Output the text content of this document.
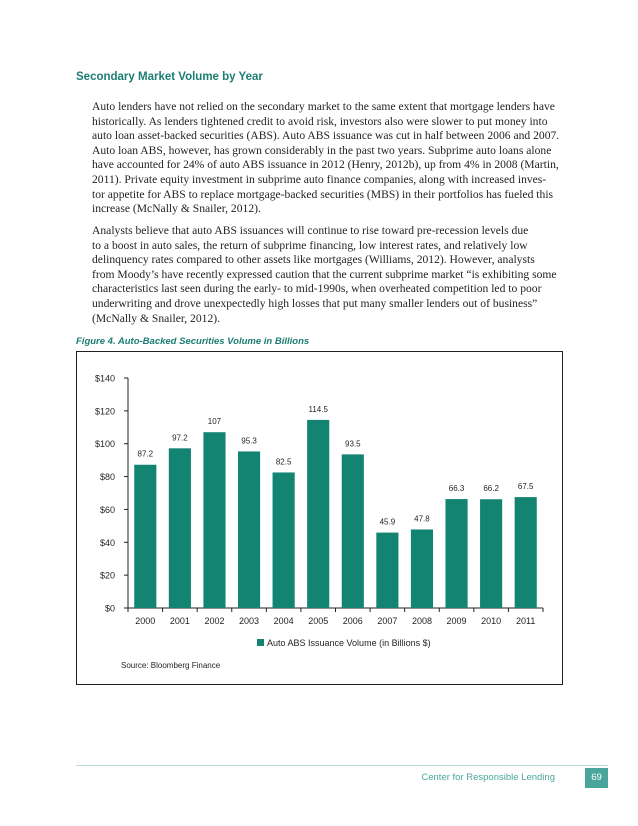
Secondary Market Volume by Year

Auto lenders have not relied on the secondary market to the same extent that mortgage lenders have
historically. As lenders tightened credit to avoid risk, investors also were slower to put money into
auto loan asset-backed securities (ABS). Auto ABS issuance was cut in half between 2006 and 2007.
Auto loan ABS, however, has grown considerably in the past two years. Subprime auto loans alone
have accounted for 24% of auto ABS issuance in 2012 (Henry, 2012b), up from 4% in 2008 (Martin,
2011). Private equity investment in subprime auto finance companies, along with increased inves-
tor appetite for ABS to replace mortgage-backed securities (MBS) in their portfolios has fueled this
increase (McNally & Snailer, 2012).

Analysts believe that auto ABS issuances will continue to rise toward pre-recession levels due
to a boost in auto sales, the return of subprime financing, low interest rates, and relatively low
delinquency rates compared to other assets like mortgages (Williams, 2012). However, analysts
from Moody’s have recently expressed caution that the current subprime market “is exhibiting some
characteristics last seen during the early- to mid-1990s, when overheated competition led to poor
underwriting and drove unexpectedly high losses that put many smaller lenders out of business”
(McNally & Snailer, 2012).

Figure 4. Auto-Backed Securities Volume in Billions
$0
$20
$40
$60
$80
$100
$120
$140
87.2
2000
97.2
2001
107
2002
95.3
2003
82.5
2004
114.5
2005
93.5
2006
45.9
2007
47.8
2008
66.3
2009
66.2
2010
67.5
2011
Auto ABS Issuance Volume (in Billions $)
Source: Bloomberg Finance
Center for Responsible Lending	69
